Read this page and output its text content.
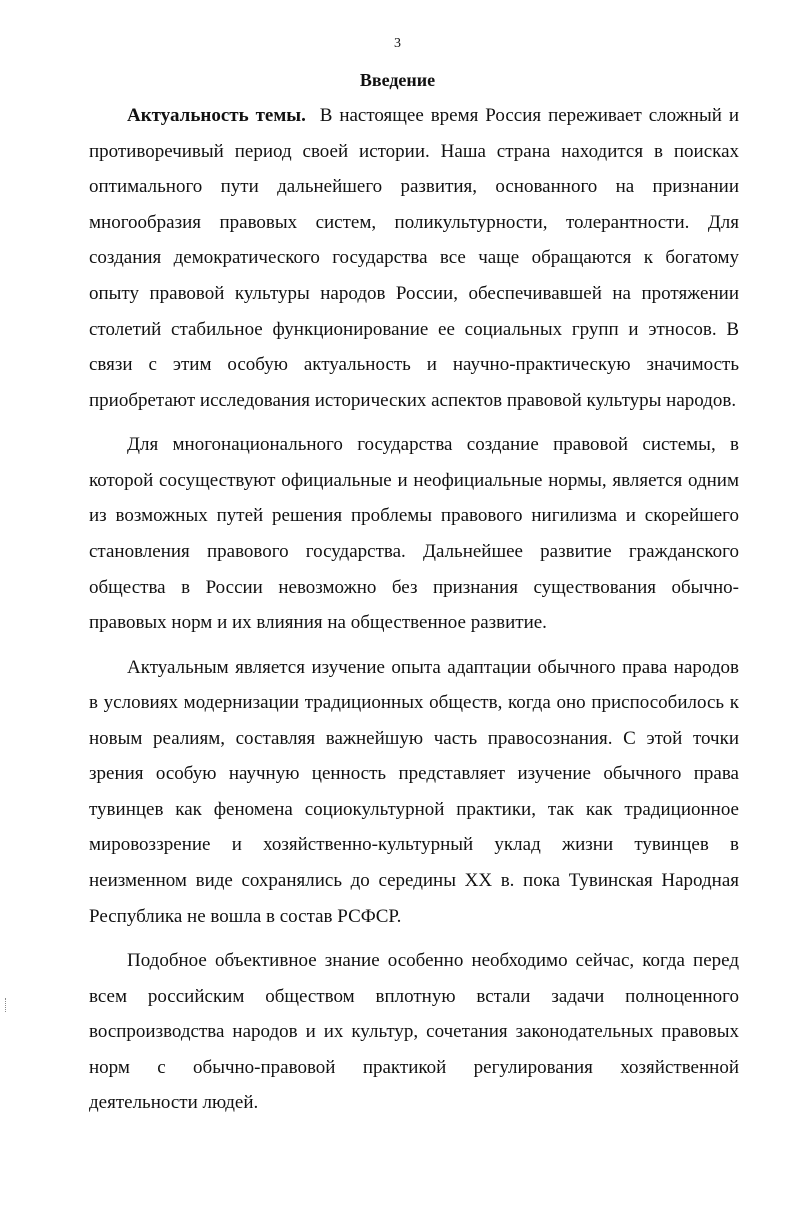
3
Введение

Актуальность темы. В настоящее время Россия переживает сложный и противоречивый период своей истории. Наша страна находится в поисках оптимального пути дальнейшего развития, основанного на признании многообразия правовых систем, поликультурности, толерантности. Для создания демократического государства все чаще обращаются к богатому опыту правовой культуры народов России, обеспечивавшей на протяжении столетий стабильное функционирование ее социальных групп и этносов. В связи с этим особую актуальность и научно-практическую значимость приобретают исследования исторических аспектов правовой культуры народов.

Для многонационального государства создание правовой системы, в которой сосуществуют официальные и неофициальные нормы, является одним из возможных путей решения проблемы правового нигилизма и скорейшего становления правового государства. Дальнейшее развитие гражданского общества в России невозможно без признания существования обычно-правовых норм и их влияния на общественное развитие.

Актуальным является изучение опыта адаптации обычного права народов в условиях модернизации традиционных обществ, когда оно приспособилось к новым реалиям, составляя важнейшую часть правосознания. С этой точки зрения особую научную ценность представляет изучение обычного права тувинцев как феномена социокультурной практики, так как традиционное мировоззрение и хозяйственно-культурный уклад жизни тувинцев в неизменном виде сохранялись до середины XX в. пока Тувинская Народная Республика не вошла в состав РСФСР.

Подобное объективное знание особенно необходимо сейчас, когда перед всем российским обществом вплотную встали задачи полноценного воспроизводства народов и их культур, сочетания законодательных правовых норм с обычно-правовой практикой регулирования хозяйственной деятельности людей.
